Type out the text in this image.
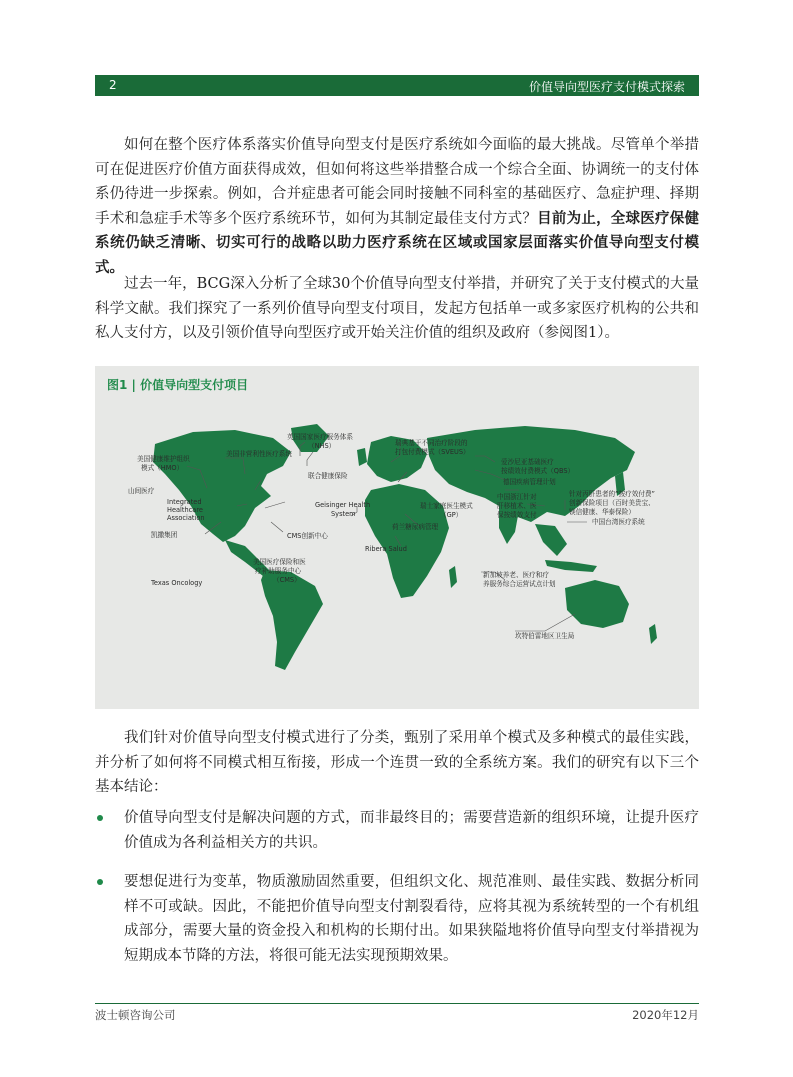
2	价值导向型医疗支付模式探索

如何在整个医疗体系落实价值导向型支付是医疗系统如今面临的最大挑战。尽管单个举措可在促进医疗价值方面获得成效，但如何将这些举措整合成一个综合全面、协调统一的支付体系仍待进一步探索。例如，合并症患者可能会同时接触不同科室的基础医疗、急症护理、择期手术和急症手术等多个医疗系统环节，如何为其制定最佳支付方式？目前为止，全球医疗保健系统仍缺乏清晰、切实可行的战略以助力医疗系统在区域或国家层面落实价值导向型支付模式。

过去一年，BCG深入分析了全球30个价值导向型支付举措，并研究了关于支付模式的大量科学文献。我们探究了一系列价值导向型支付项目，发起方包括单一或多家医疗机构的公共和私人支付方，以及引领价值导向型医疗或开始关注价值的组织及政府（参阅图1）。

图1 | 价值导向型支付项目
英国国家医疗服务体系
（NHS）	瑞典基于不同治疗阶段的
打包付费模式（SVEUS）
美国健康维护组织
模式（HMO）
美国非营利性医疗系统
爱沙尼亚基础医疗
按绩效付费模式（QBS）
德国疾病管理计划
山间医疗
联合健康保险
Integrated
Healthcare
Association
Geisinger Health
System
瑞士家庭医生模式
（GP）
中国浙江针对
肝移植术、医
保按绩效支付
针对丙肝患者的“按疗效付费”
创新保险项目（百时美贵宝、
镁信健康、华泰保险）
中国台湾医疗系统
凯撒集团	CMS创新中心
荷兰糖尿病管理
Ribera Salud
美国医疗保险和医
疗补助服务中心
（CMS）
Texas Oncology
新加坡养老、医疗和疗
养服务综合运营试点计划
坎特伯雷地区卫生局

我们针对价值导向型支付模式进行了分类，甄别了采用单个模式及多种模式的最佳实践，并分析了如何将不同模式相互衔接，形成一个连贯一致的全系统方案。我们的研究有以下三个基本结论：

价值导向型支付是解决问题的方式，而非最终目的；需要营造新的组织环境，让提升医疗价值成为各利益相关方的共识。

要想促进行为变革，物质激励固然重要，但组织文化、规范准则、最佳实践、数据分析同样不可或缺。因此，不能把价值导向型支付割裂看待，应将其视为系统转型的一个有机组成部分，需要大量的资金投入和机构的长期付出。如果狭隘地将价值导向型支付举措视为短期成本节降的方法，将很可能无法实现预期效果。

波士顿咨询公司	2020年12月
